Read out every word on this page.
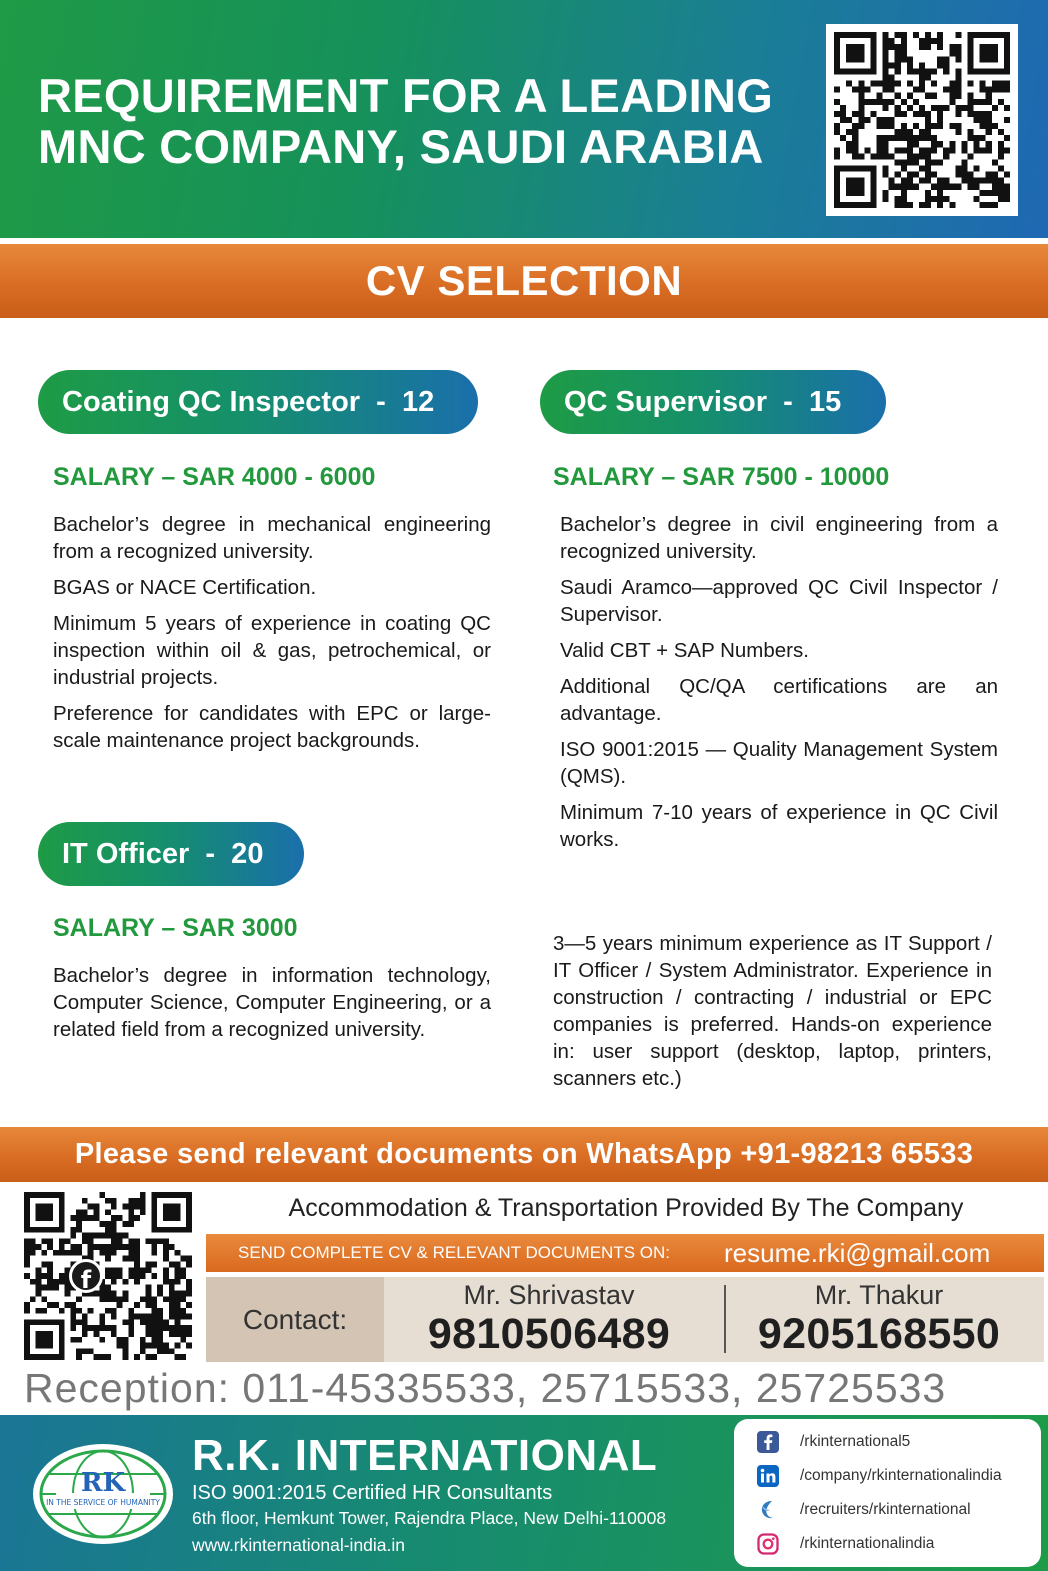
REQUIREMENT FOR A LEADING
MNC COMPANY, SAUDI ARABIA
CV SELECTION
Coating QC Inspector  -  12
SALARY – SAR 4000 - 6000

Bachelor’s degree in mechanical engineering from a recognized university.

BGAS or NACE Certification.

Minimum 5 years of experience in coating QC inspection within oil & gas, petrochemical, or industrial projects.

Preference for candidates with EPC or large-scale maintenance project backgrounds.

QC Supervisor  -  15
SALARY – SAR 7500 - 10000

Bachelor’s degree in civil engineering from a recognized university.

Saudi Aramco—approved QC Civil Inspector / Supervisor.

Valid CBT + SAP Numbers.

Additional QC/QA certifications are an advantage.

ISO 9001:2015 — Quality Management System (QMS).

Minimum 7-10 years of experience in QC Civil works.

IT Officer  -  20
SALARY – SAR 3000

Bachelor’s degree in information technology, Computer Science, Computer Engineering, or a related field from a recognized university.

3—5 years minimum experience as IT Support / IT Officer / System Administrator. Experience in construction / contracting / industrial or EPC companies is preferred. Hands-on experience in: user support (desktop, laptop, printers, scanners etc.)

Please send relevant documents on WhatsApp +91-98213 65533
f
Accommodation & Transportation Provided By The Company
SEND COMPLETE CV & RELEVANT DOCUMENTS ON: resume.rki@gmail.com
Contact:
Mr. Shrivastav
9810506489
Mr. Thakur
9205168550
Reception: 011-45335533, 25715533, 25725533
RK
IN THE SERVICE OF HUMANITY
R.K. INTERNATIONAL
ISO 9001:2015 Certified HR Consultants
6th floor, Hemkunt Tower, Rajendra Place, New Delhi-110008
www.rkinternational-india.in
/rkinternational5
/company/rkinternationalindia
/recruiters/rkinternational
/rkinternationalindia
